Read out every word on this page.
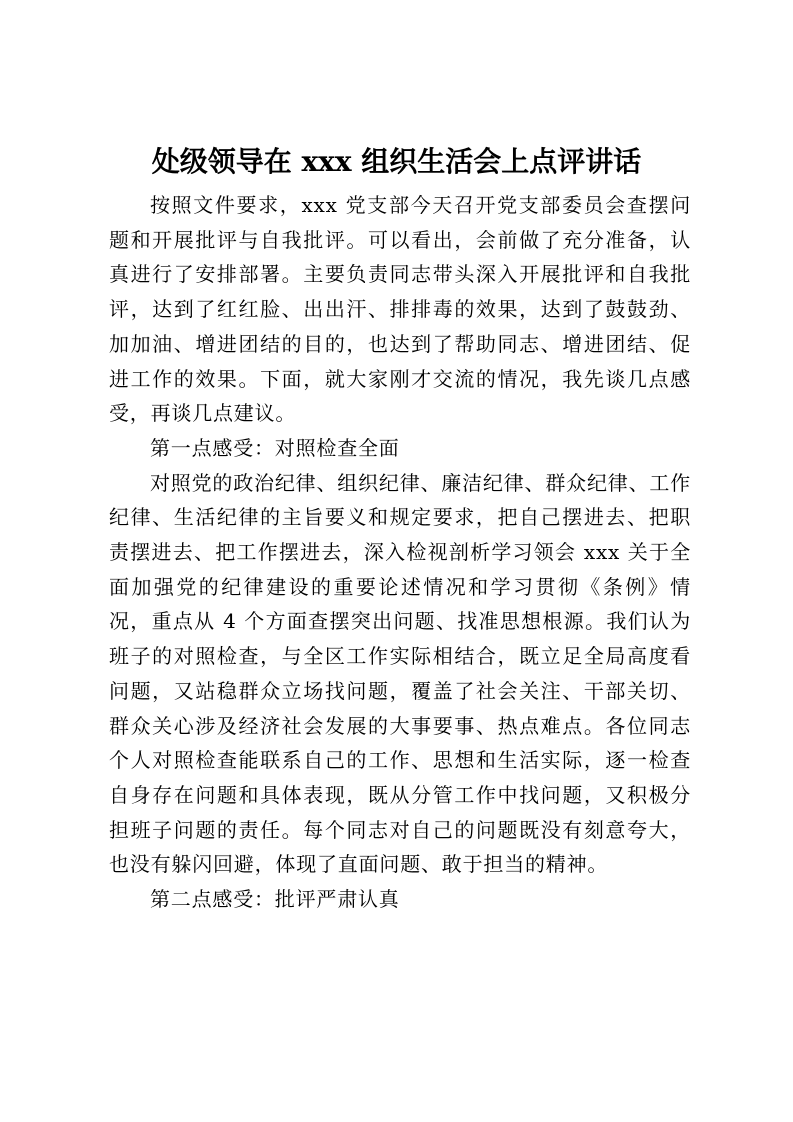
处级领导在 xxx 组织生活会上点评讲话

按照文件要求，xxx 党支部今天召开党支部委员会查摆问题和开展批评与自我批评。可以看出，会前做了充分准备，认真进行了安排部署。主要负责同志带头深入开展批评和自我批评，达到了红红脸、出出汗、排排毒的效果，达到了鼓鼓劲、加加油、增进团结的目的，也达到了帮助同志、增进团结、促进工作的效果。下面，就大家刚才交流的情况，我先谈几点感受，再谈几点建议。

第一点感受：对照检查全面

对照党的政治纪律、组织纪律、廉洁纪律、群众纪律、工作纪律、生活纪律的主旨要义和规定要求，把自己摆进去、把职责摆进去、把工作摆进去，深入检视剖析学习领会 xxx 关于全面加强党的纪律建设的重要论述情况和学习贯彻《条例》情况，重点从 4 个方面查摆突出问题、找准思想根源。我们认为班子的对照检查，与全区工作实际相结合，既立足全局高度看问题，又站稳群众立场找问题，覆盖了社会关注、干部关切、群众关心涉及经济社会发展的大事要事、热点难点。各位同志个人对照检查能联系自己的工作、思想和生活实际，逐一检查自身存在问题和具体表现，既从分管工作中找问题，又积极分担班子问题的责任。每个同志对自己的问题既没有刻意夸大，也没有躲闪回避，体现了直面问题、敢于担当的精神。

第二点感受：批评严肃认真
